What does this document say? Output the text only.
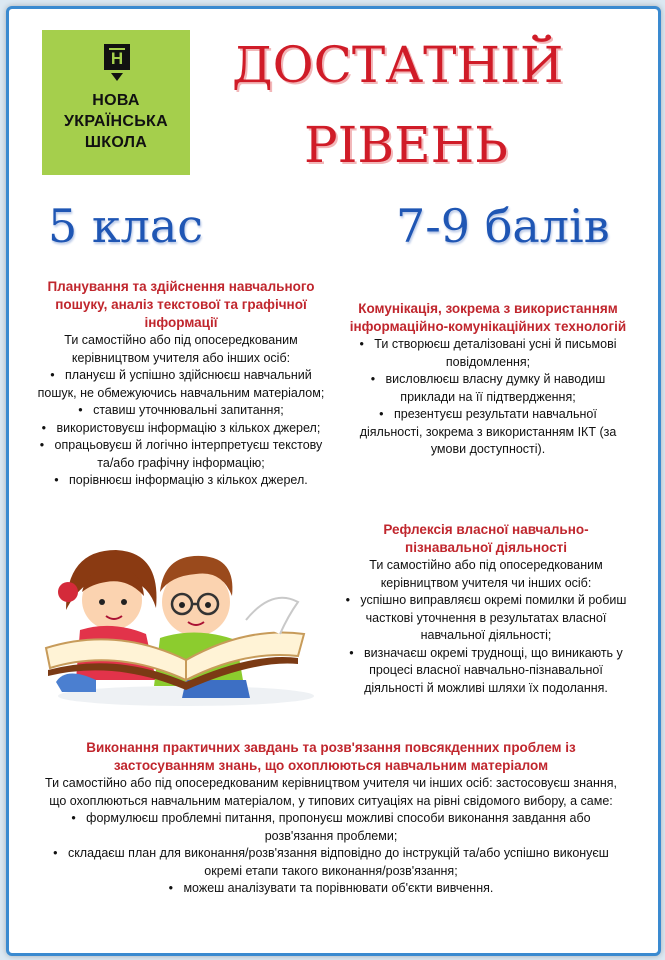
H
НОВА
УКРАЇНСЬКА
ШКОЛА
ДОСТАТНІЙ
РІВЕНЬ
5 клас	7-9 балів
Планування та здійснення навчального пошуку, аналіз текстової та графічної інформації
Ти самостійно або під опосередкованим керівництвом учителя або інших осіб:
•   плануєш й успішно здійснюєш навчальний пошук, не обмежуючись навчальним матеріалом;
•   ставиш уточнювальні запитання;
•   використовуєш інформацію з кількох джерел;
•   опрацьовуєш й логічно інтерпретуєш текстову та/або графічну інформацію;
•   порівнюєш інформацію з кількох джерел.
Комунікація, зокрема з використанням інформаційно-комунікаційних технологій
•   Ти створюєш деталізовані усні й письмові повідомлення;
•   висловлюєш власну думку й наводиш приклади на її підтвердження;
•   презентуєш результати навчальної діяльності, зокрема з використанням ІКТ (за умови доступності).
Рефлексія власної навчально-пізнавальної діяльності
Ти самостійно або під опосередкованим керівництвом учителя чи інших осіб:
•   успішно виправляєш окремі помилки й робиш часткові уточнення в результатах власної навчальної діяльності;
•   визначаєш окремі труднощі, що виникають у процесі власної навчально-пізнавальної діяльності й можливі шляхи їх подолання.
Виконання практичних завдань та розв'язання повсякденних проблем із застосуванням знань, що охоплюються навчальним матеріалом
Ти самостійно або під опосередкованим керівництвом учителя чи інших осіб: застосовуєш знання, що охоплюються навчальним матеріалом, у типових ситуаціях на рівні свідомого вибору, а саме:
•   формулюєш проблемні питання, пропонуєш можливі способи виконання завдання або розв'язання проблеми;
•   складаєш план для виконання/розв'язання відповідно до інструкцій та/або успішно виконуєш окремі етапи такого виконання/розв'язання;
•   можеш аналізувати та порівнювати об'єкти вивчення.
